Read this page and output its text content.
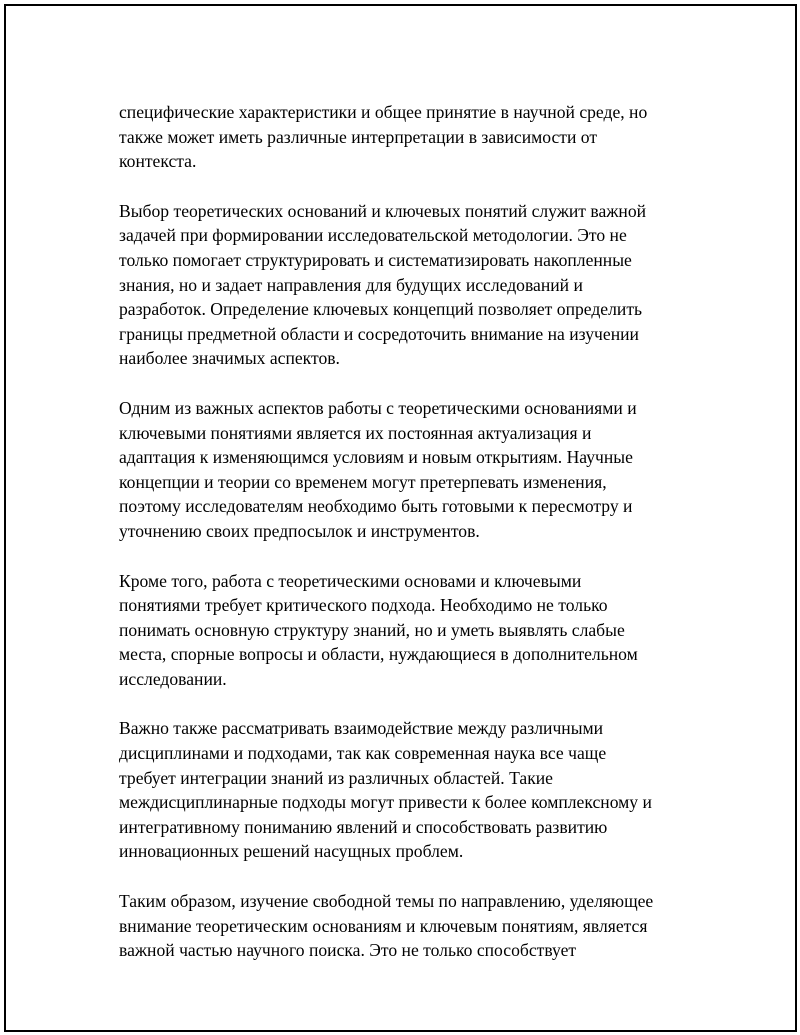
специфические характеристики и общее принятие в научной среде, но
также может иметь различные интерпретации в зависимости от
контекста.

Выбор теоретических оснований и ключевых понятий служит важной
задачей при формировании исследовательской методологии. Это не
только помогает структурировать и систематизировать накопленные
знания, но и задает направления для будущих исследований и
разработок. Определение ключевых концепций позволяет определить
границы предметной области и сосредоточить внимание на изучении
наиболее значимых аспектов.

Одним из важных аспектов работы с теоретическими основаниями и
ключевыми понятиями является их постоянная актуализация и
адаптация к изменяющимся условиям и новым открытиям. Научные
концепции и теории со временем могут претерпевать изменения,
поэтому исследователям необходимо быть готовыми к пересмотру и
уточнению своих предпосылок и инструментов.

Кроме того, работа с теоретическими основами и ключевыми
понятиями требует критического подхода. Необходимо не только
понимать основную структуру знаний, но и уметь выявлять слабые
места, спорные вопросы и области, нуждающиеся в дополнительном
исследовании.

Важно также рассматривать взаимодействие между различными
дисциплинами и подходами, так как современная наука все чаще
требует интеграции знаний из различных областей. Такие
междисциплинарные подходы могут привести к более комплексному и
интегративному пониманию явлений и способствовать развитию
инновационных решений насущных проблем.

Таким образом, изучение свободной темы по направлению, уделяющее
внимание теоретическим основаниям и ключевым понятиям, является
важной частью научного поиска. Это не только способствует
